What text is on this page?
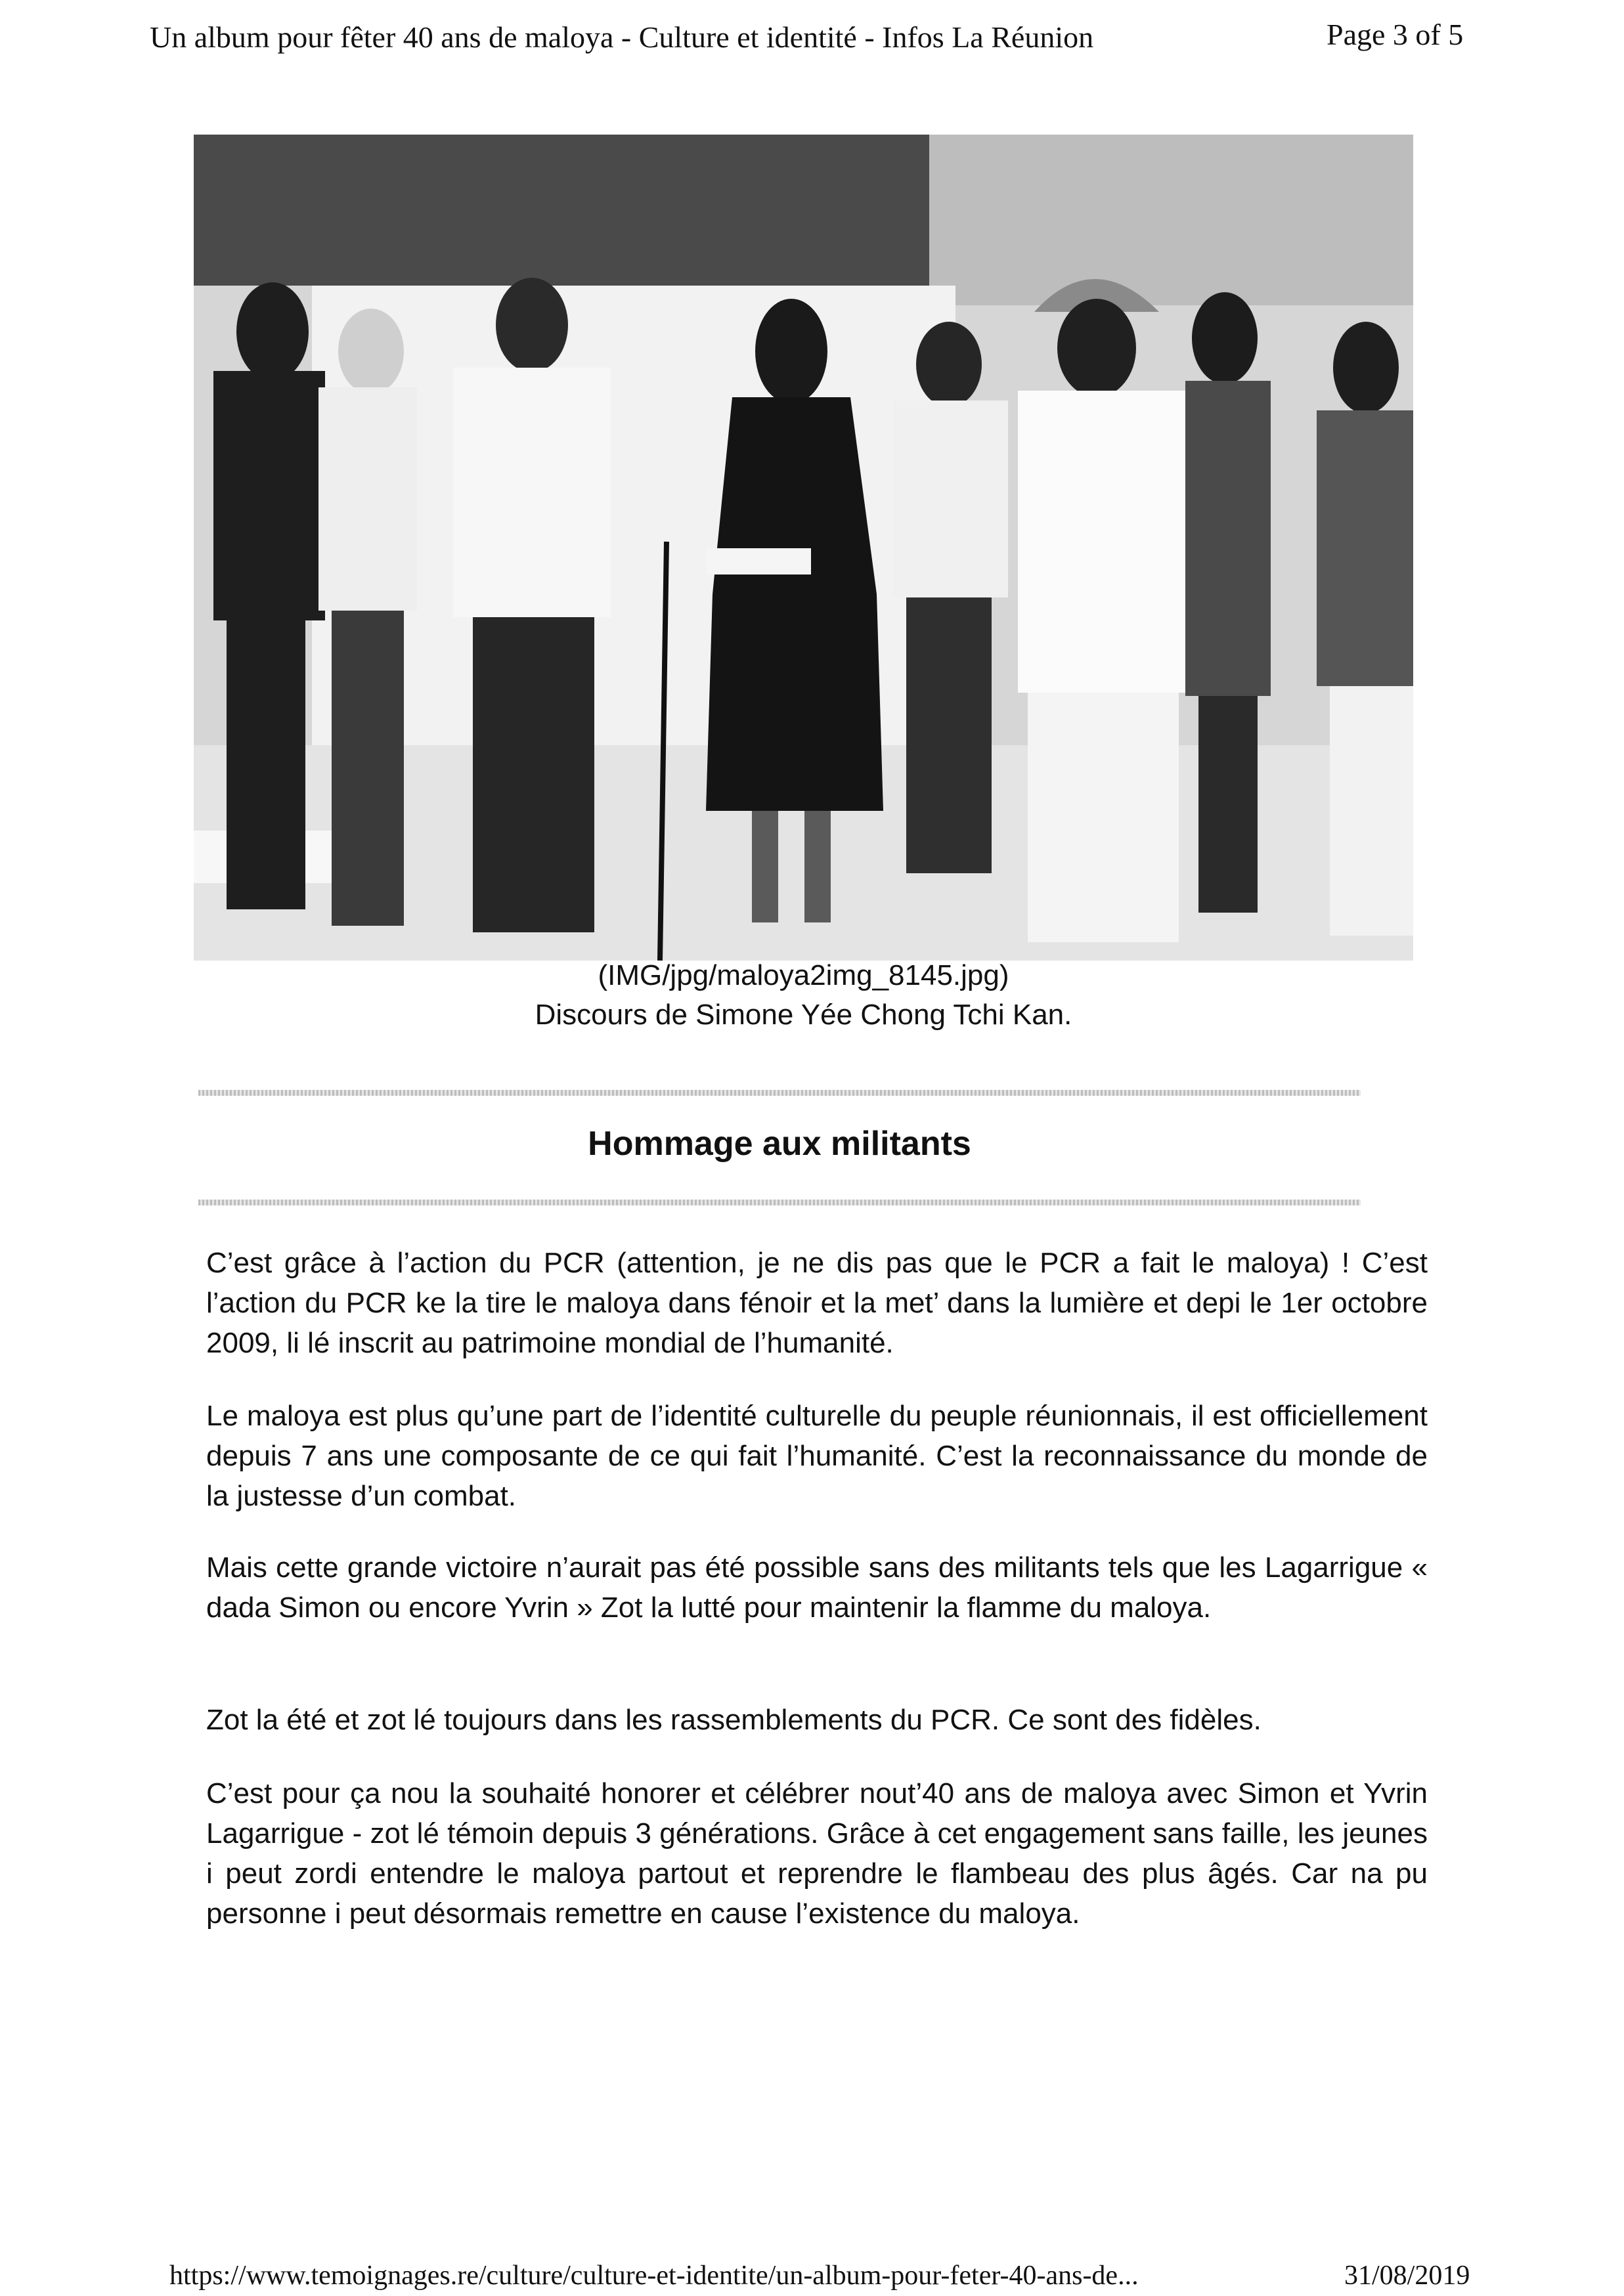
Un album pour fêter 40 ans de maloya - Culture et identité - Infos La Réunion	Page 3 of 5
(IMG/jpg/maloya2img_8145.jpg)
Discours de Simone Yée Chong Tchi Kan.
Hommage aux militants

C’est grâce à l’action du PCR (attention, je ne dis pas que le PCR a fait le maloya) ! C’est l’action du PCR ke la tire le maloya dans fénoir et la met’ dans la lumière et depi le 1er octobre 2009, li lé inscrit au patrimoine mondial de l’humanité.

Le maloya est plus qu’une part de l’identité culturelle du peuple réunionnais, il est officiellement depuis 7 ans une composante de ce qui fait l’humanité. C’est la reconnaissance du monde de la justesse d’un combat.

Mais cette grande victoire n’aurait pas été possible sans des militants tels que les Lagarrigue « dada Simon ou encore Yvrin » Zot la lutté pour maintenir la flamme du maloya.

Zot la été et zot lé toujours dans les rassemblements du PCR. Ce sont des fidèles.

C’est pour ça nou la souhaité honorer et célébrer nout’40 ans de maloya avec Simon et Yvrin Lagarrigue - zot lé témoin depuis 3 générations. Grâce à cet engagement sans faille, les jeunes i peut zordi entendre le maloya partout et reprendre le flambeau des plus âgés. Car na pu personne i peut désormais remettre en cause l’existence du maloya.

https://www.temoignages.re/culture/culture-et-identite/un-album-pour-feter-40-ans-de...	31/08/2019
